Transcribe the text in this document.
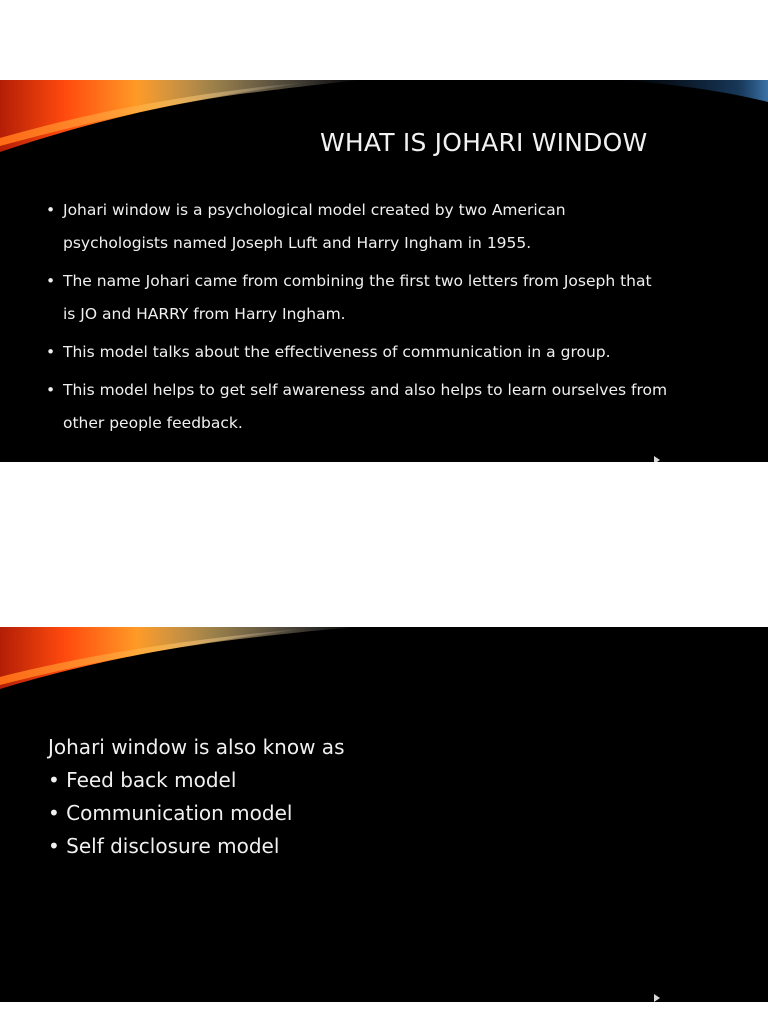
WHAT IS JOHARI WINDOW
• Johari window is a psychological model created by two American
psychologists named Joseph Luft and Harry Ingham in 1955.
• The name Johari came from combining the first two letters from Joseph that
is JO and HARRY from Harry Ingham.
• This model talks about the effectiveness of communication in a group.
• This model helps to get self awareness and also helps to learn ourselves from
other people feedback.

Johari window is also know as

• Feed back model
• Communication model
• Self disclosure model
